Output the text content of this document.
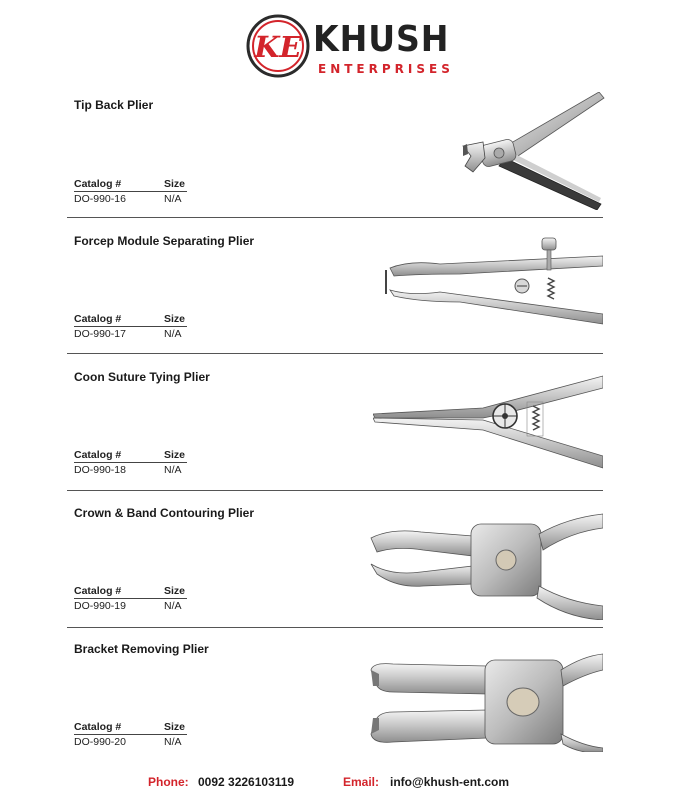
KE KHUSH
ENTERPRISES
Tip Back Plier
Catalog #	Size
DO-990-16	N/A
Forcep Module Separating Plier
Catalog #	Size
DO-990-17	N/A
Coon Suture Tying Plier
Catalog #	Size
DO-990-18	N/A
Crown & Band Contouring Plier
Catalog #	Size
DO-990-19	N/A
Bracket Removing Plier
Catalog #	Size
DO-990-20	N/A
Phone: 0092 3226103119	Email: info@khush-ent.com
